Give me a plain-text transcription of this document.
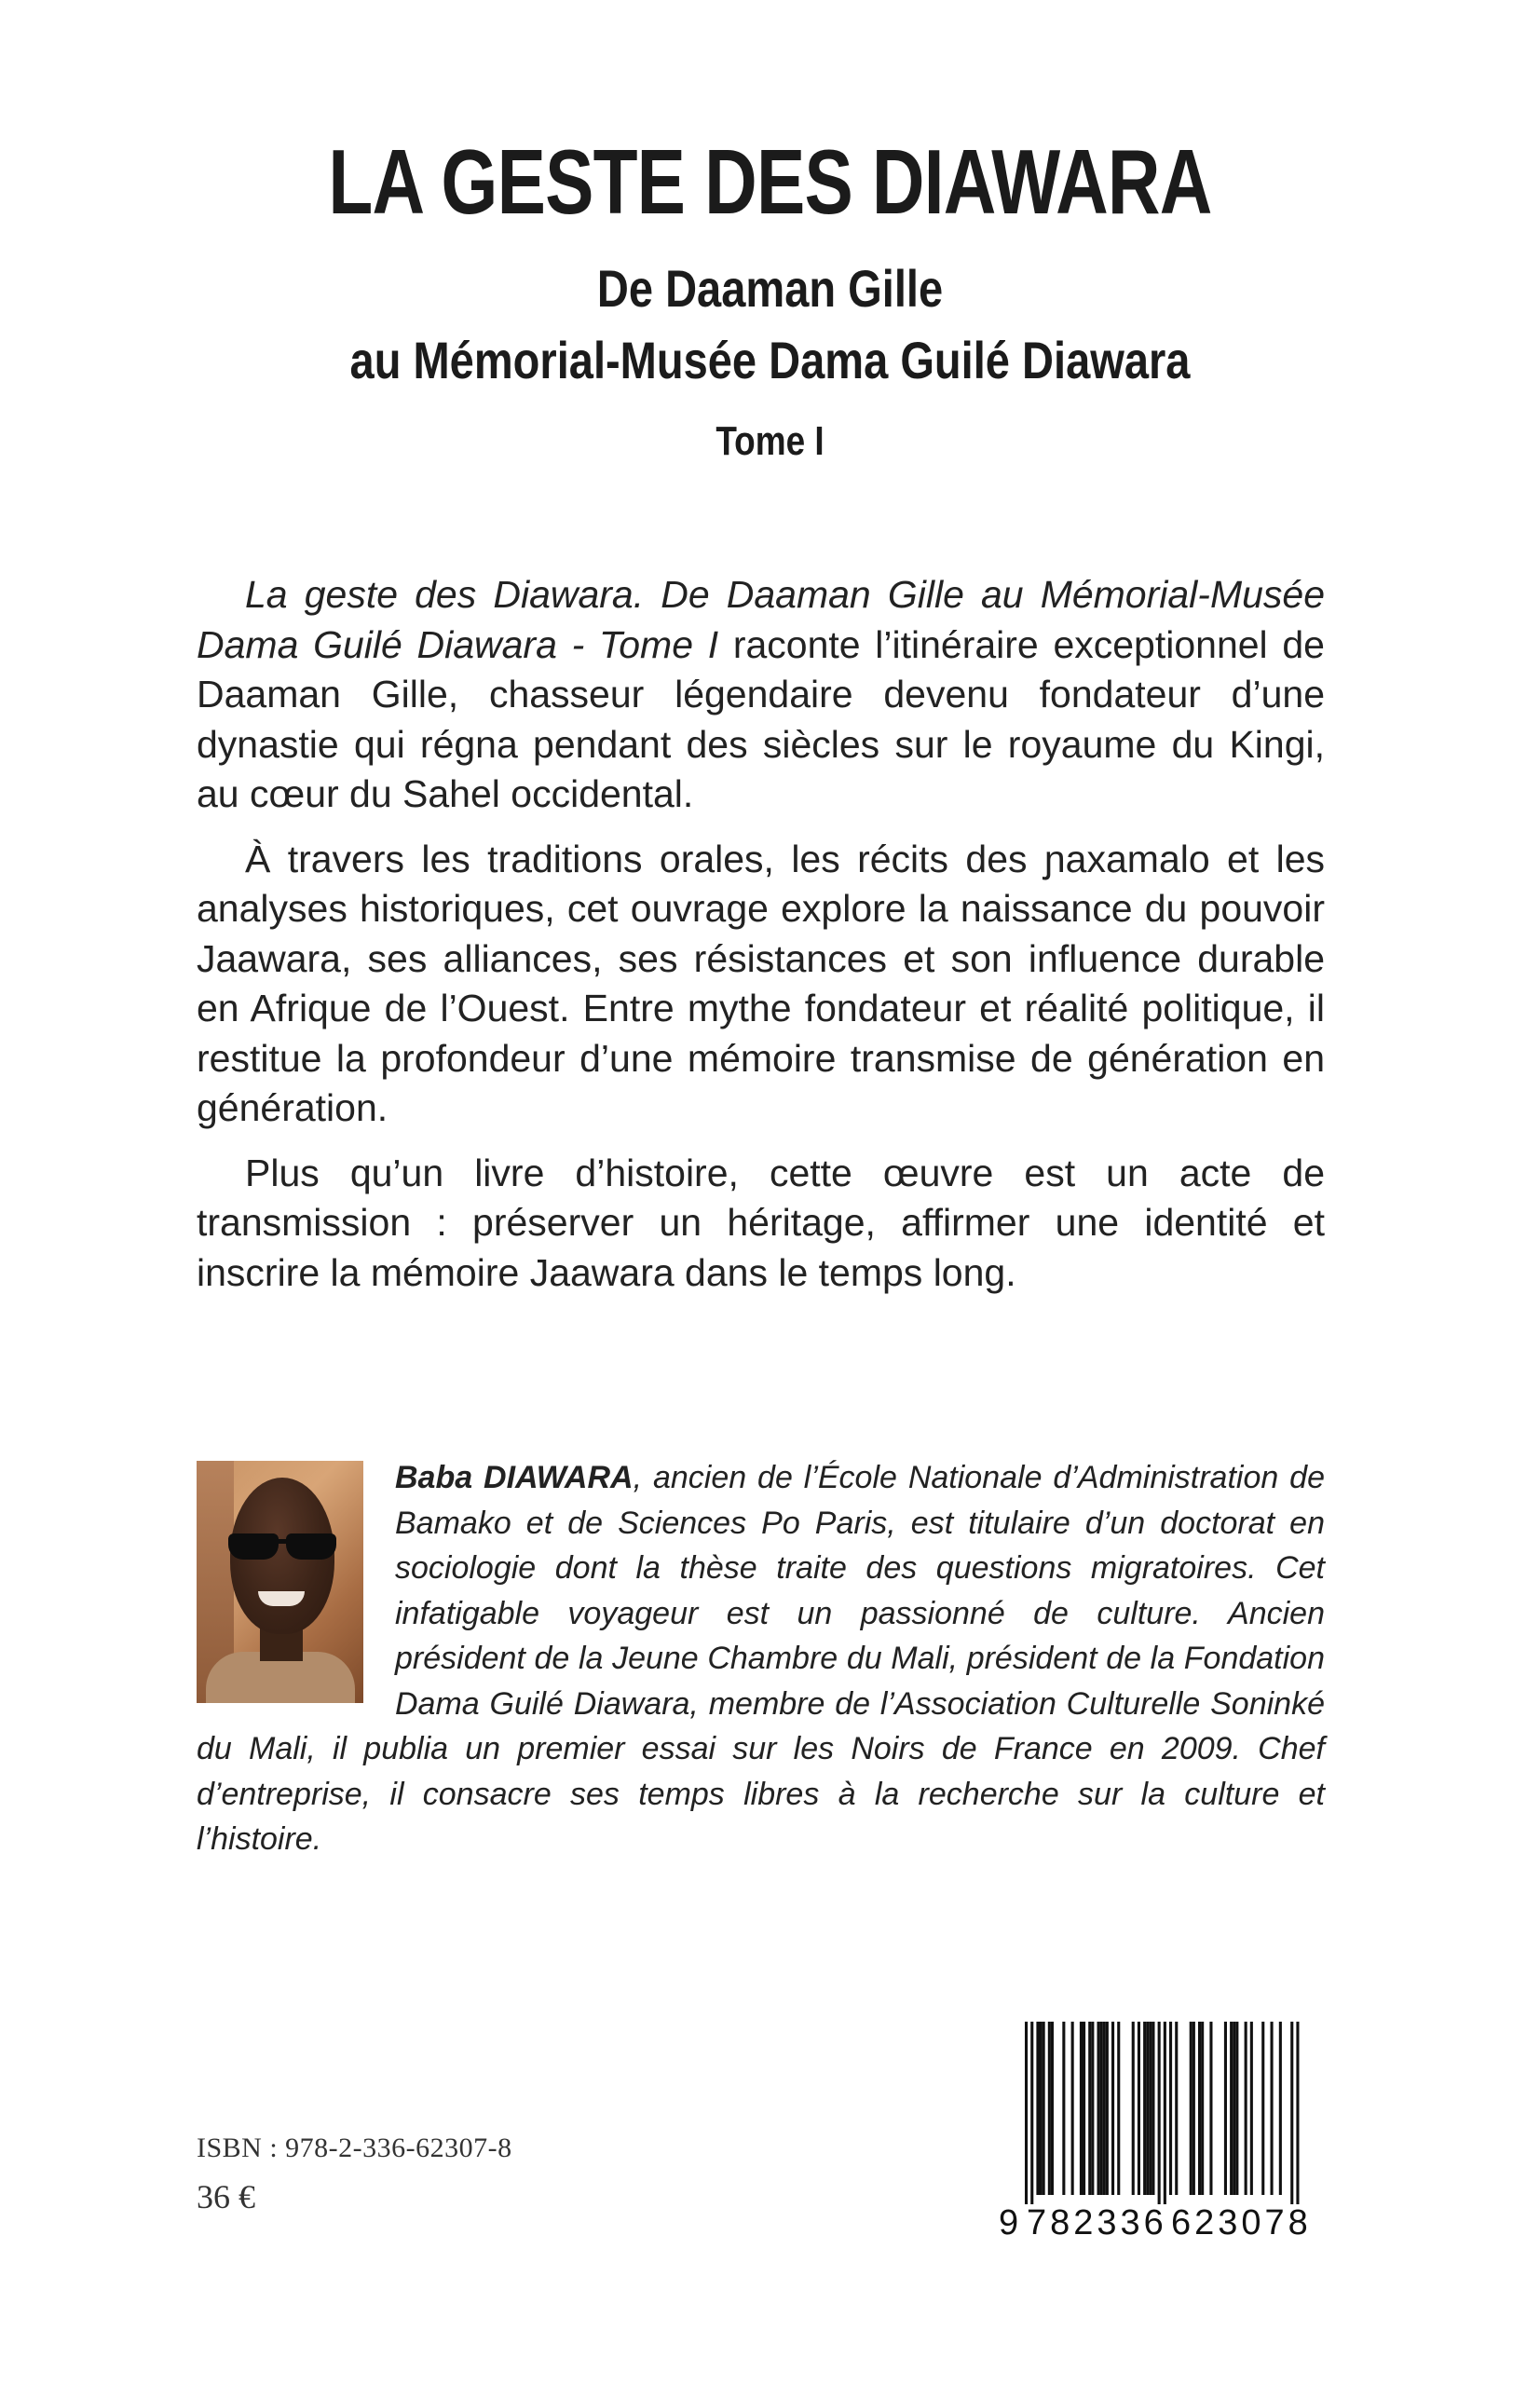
LA GESTE DES DIAWARA
De Daaman Gille
au Mémorial-Musée Dama Guilé Diawara
Tome I

La geste des Diawara. De Daaman Gille au Mémorial-Musée Dama Guilé Diawara - Tome I raconte l’itinéraire exceptionnel de Daaman Gille, chasseur légendaire devenu fondateur d’une dynastie qui régna pendant des siècles sur le royaume du Kingi, au cœur du Sahel occidental.

À travers les traditions orales, les récits des ɲaxamalo et les analyses historiques, cet ouvrage explore la naissance du pouvoir Jaawara, ses alliances, ses résistances et son influence durable en Afrique de l’Ouest. Entre mythe fondateur et réalité politique, il restitue la profondeur d’une mémoire transmise de génération en génération.

Plus qu’un livre d’histoire, cette œuvre est un acte de transmission : préserver un héritage, affirmer une identité et inscrire la mémoire Jaawara dans le temps long.

Baba DIAWARA, ancien de l’École Nationale d’Administration de Bamako et de Sciences Po Paris, est titulaire d’un doctorat en sociologie dont la thèse traite des questions migratoires. Cet infatigable voyageur est un passionné de culture. Ancien président de la Jeune Chambre du Mali, président de la Fondation Dama Guilé Diawara, membre de l’Association Culturelle Soninké du Mali, il publia un premier essai sur les Noirs de France en 2009. Chef d’entreprise, il consacre ses temps libres à la recherche sur la culture et l’histoire.

ISBN : 978-2-336-62307-8
36 €
9 782336 623078
